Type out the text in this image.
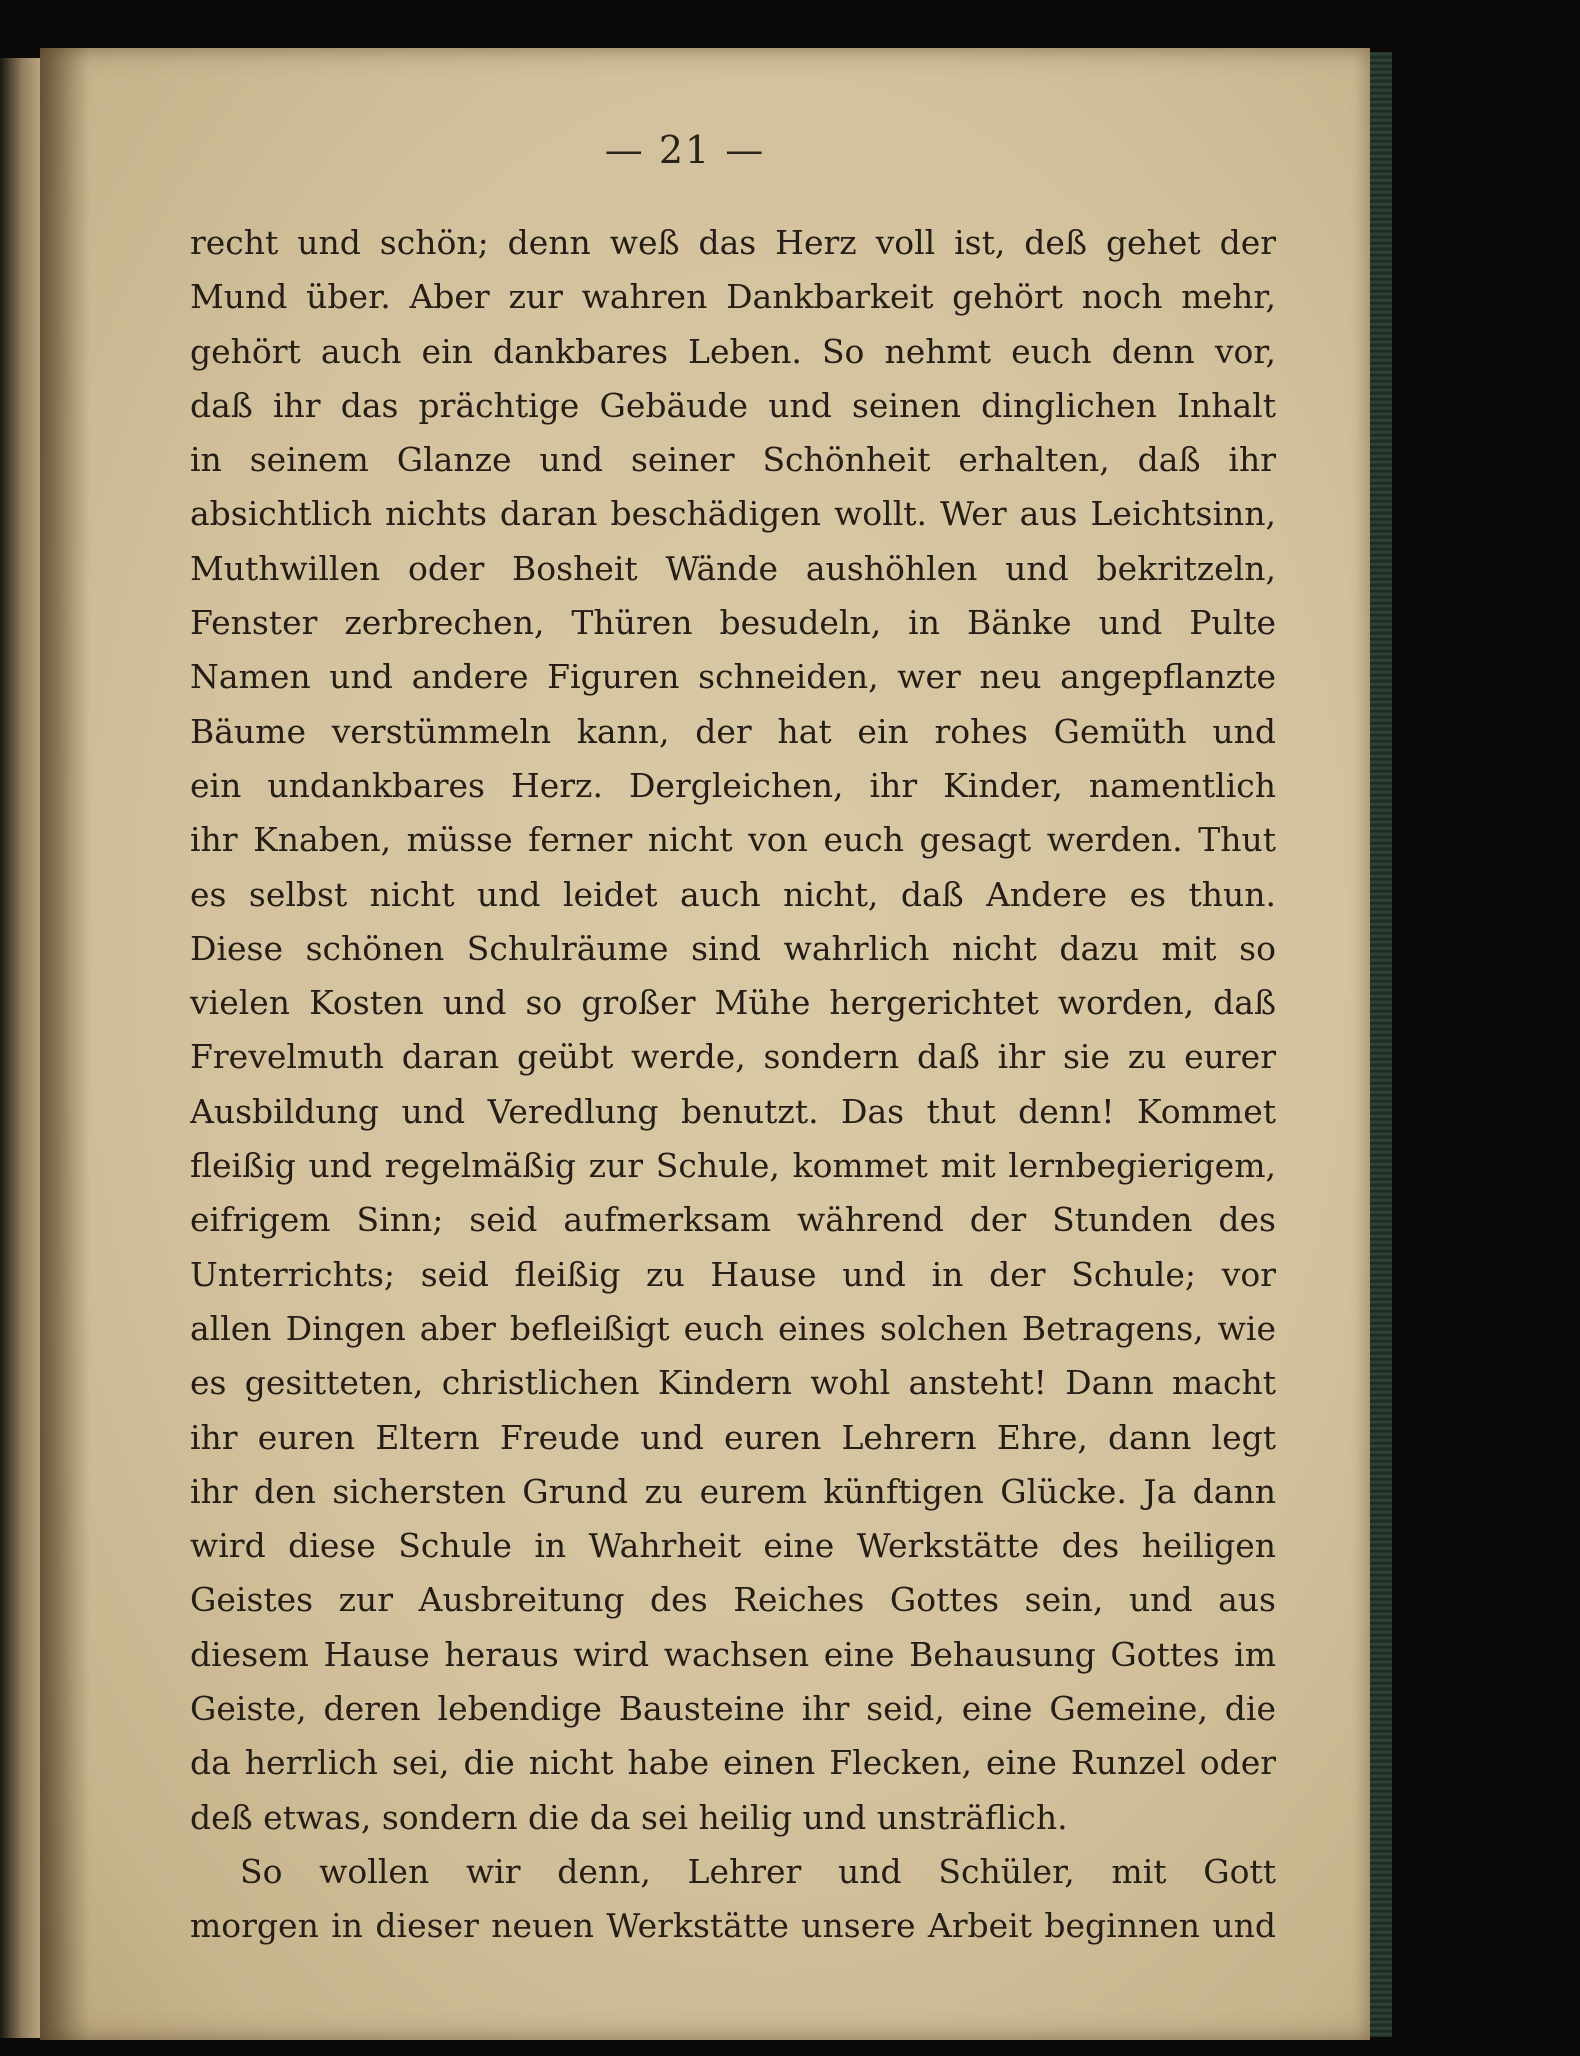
— 21 —
recht und schön; denn weß das Herz voll ist, deß gehet der
Mund über. Aber zur wahren Dankbarkeit gehört noch mehr,
gehört auch ein dankbares Leben. So nehmt euch denn vor,
daß ihr das prächtige Gebäude und seinen dinglichen Inhalt
in seinem Glanze und seiner Schönheit erhalten, daß ihr
absichtlich nichts daran beschädigen wollt. Wer aus Leichtsinn,
Muthwillen oder Bosheit Wände aushöhlen und bekritzeln,
Fenster zerbrechen, Thüren besudeln, in Bänke und Pulte
Namen und andere Figuren schneiden, wer neu angepflanzte
Bäume verstümmeln kann, der hat ein rohes Gemüth und
ein undankbares Herz. Dergleichen, ihr Kinder, namentlich
ihr Knaben, müsse ferner nicht von euch gesagt werden. Thut
es selbst nicht und leidet auch nicht, daß Andere es thun.
Diese schönen Schulräume sind wahrlich nicht dazu mit so
vielen Kosten und so großer Mühe hergerichtet worden, daß
Frevelmuth daran geübt werde, sondern daß ihr sie zu eurer
Ausbildung und Veredlung benutzt. Das thut denn! Kommet
fleißig und regelmäßig zur Schule, kommet mit lernbegierigem,
eifrigem Sinn; seid aufmerksam während der Stunden des
Unterrichts; seid fleißig zu Hause und in der Schule; vor
allen Dingen aber befleißigt euch eines solchen Betragens, wie
es gesitteten, christlichen Kindern wohl ansteht! Dann macht
ihr euren Eltern Freude und euren Lehrern Ehre, dann legt
ihr den sichersten Grund zu eurem künftigen Glücke. Ja dann
wird diese Schule in Wahrheit eine Werkstätte des heiligen
Geistes zur Ausbreitung des Reiches Gottes sein, und aus
diesem Hause heraus wird wachsen eine Behausung Gottes im
Geiste, deren lebendige Bausteine ihr seid, eine Gemeine, die
da herrlich sei, die nicht habe einen Flecken, eine Runzel oder
deß etwas, sondern die da sei heilig und unsträflich.
So wollen wir denn, Lehrer und Schüler, mit Gott
morgen in dieser neuen Werkstätte unsere Arbeit beginnen und
